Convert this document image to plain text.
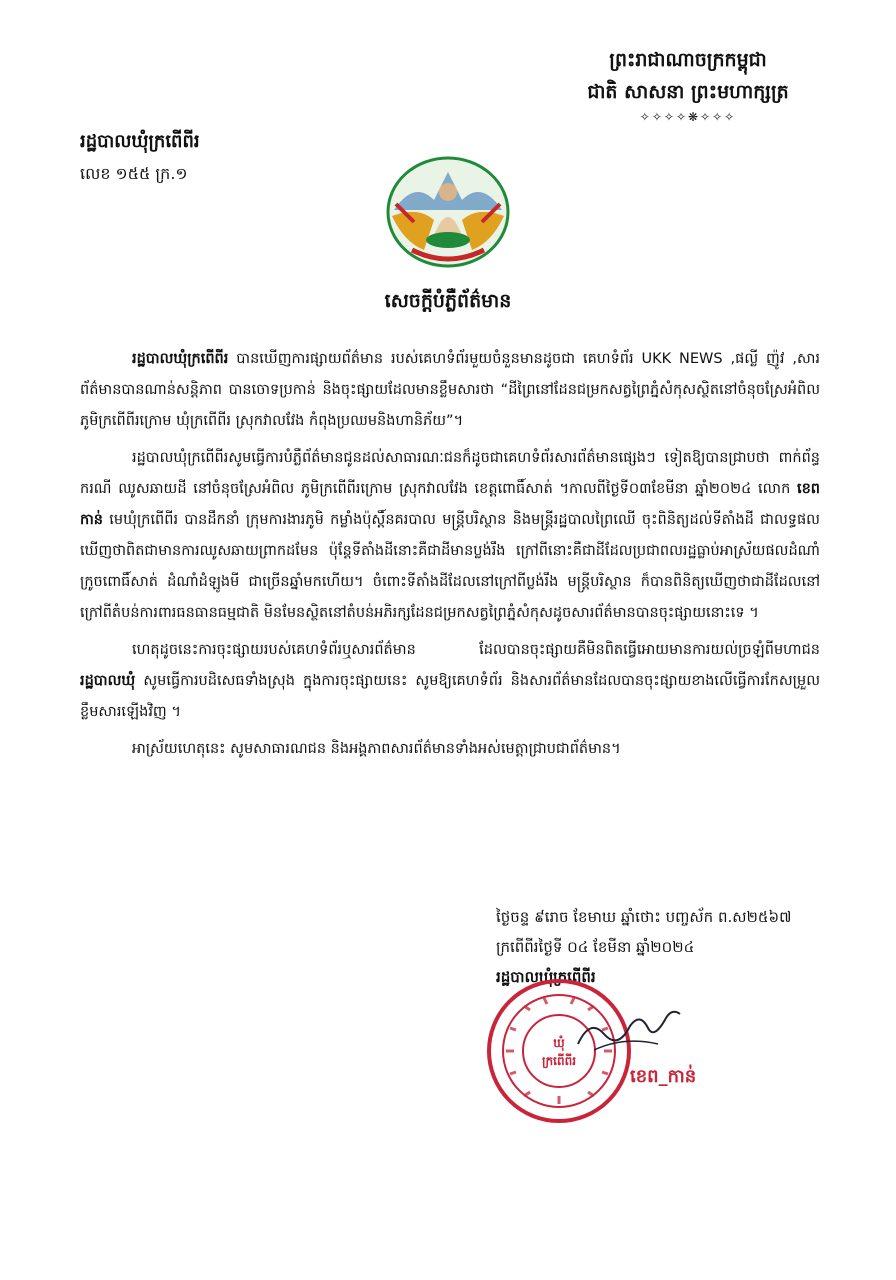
ព្រះរាជាណាចក្រកម្ពុជា
ជាតិ សាសនា ព្រះមហាក្សត្រ
✧✧✧✧❋✧✧✧
រដ្ឋបាលឃុំក្រពើពីរ
លេខ ១៥៥ ក្រ.១
សេចក្តីបំភ្លឺព័ត៌មាន

រដ្ឋបាលឃុំក្រពើពីរ បានឃើញការផ្សាយព័ត៌មាន របស់គេហទំព័រមួយចំនួនមានដូចជា គេហទំព័រ UKK NEWS ,ផល្លី ញ៉ូវ ,សារព័ត៌មានបានណាន់សន្តិភាព បានចោទប្រកាន់ និងចុះផ្សាយដែលមានខ្លឹមសារថា “ដីព្រៃនៅដែនជម្រកសត្វព្រៃភ្នំសំកុសស្ថិតនៅចំនុចស្រែអំពិលភូមិក្រពើពីរក្រោម ឃុំក្រពើពីរ ស្រុកវាលវែង កំពុងប្រឈមនិងហានិភ័យ”។

រដ្ឋបាលឃុំក្រពើពីរសូមធ្វើការបំភ្លឺព័ត៌មានជូនដល់សាធារណៈជនក៏ដូចជាគេហទំព័រសារព័ត៌មានផ្សេងៗ ទៀតឱ្យបានជ្រាបថា ពាក់ព័ន្ធករណី ឈូសឆាយដី នៅចំនុចស្រែអំពិល ភូមិក្រពើពីរក្រោម ស្រុកវាលវែង ខេត្តពោធិ៍សាត់ ។កាលពីថ្ងៃទី០៣ខែមីនា ឆ្នាំ២០២៤ លោក ខេព កាន់ មេឃុំក្រពើពីរ បានដឹកនាំ ក្រុមការងារភូមិ កម្លាំងប៉ុស្តិ៍នគរបាល មន្ត្រីបរិស្ថាន និងមន្ត្រីរដ្ឋបាលព្រៃឈើ ចុះពិនិត្យដល់ទីតាំងដី ជាលទ្ធផលឃើញថាពិតជាមានការឈូសឆាយព្រាកដមែន ប៉ុន្តែទីតាំងដីនោះគឺជាដីមានប្លង់រឹង ក្រៅពីនោះគឺជាដីដែលប្រជាពលរដ្ឋធ្លាប់អាស្រ័យផលដំណាំក្រូចពោធិ៍សាត់ ដំណាំដំឡូងមី ជាច្រើនឆ្នាំមកហើយ។ ចំពោះទីតាំងដីដែលនៅក្រៅពីប្លង់រឹង មន្ត្រីបរិស្ថាន ក៏បានពិនិត្យឃើញថាជាដីដែលនៅក្រៅពីតំបន់ការពារធនធានធម្មជាតិ មិនមែនស្ថិតនៅតំបន់អភិរក្សដែនជម្រកសត្វព្រៃភ្នំសំកុសដូចសារព័ត៌មានបានចុះផ្សាយនោះទេ ។

ហេតុដូចនេះការចុះផ្សាយរបស់គេហទំព័រឬសារព័ត៌មាន ដែលបានចុះផ្សាយគឺមិនពិតធ្វើអោយមានការយល់ច្រឡំពីមហាជន រដ្ឋបាលឃុំ សូមធ្វើការបដិសេធទាំងស្រុង ក្នុងការចុះផ្សាយនេះ សូមឱ្យគេហទំព័រ និងសារព័ត៌មានដែលបានចុះផ្សាយខាងលើធ្វើការកែសម្រួលខ្លឹមសារឡើងវិញ ។

អាស្រ័យហេតុនេះ សូមសាធារណជន និងអង្គភាពសារព័ត៌មានទាំងអស់មេត្តាជ្រាបជាព័ត៌មាន។

ថ្ងៃចន្ទ ៩រោច ខែមាឃ ឆ្នាំថោះ បញ្ចស័ក ព.ស២៥៦៧
ក្រពើពីរថ្ងៃទី ០៤ ខែមីនា ឆ្នាំ២០២៤
រដ្ឋបាលឃុំក្រពើពីរ
ឃុំ
ក្រពើពីរ
ខេព_កាន់
